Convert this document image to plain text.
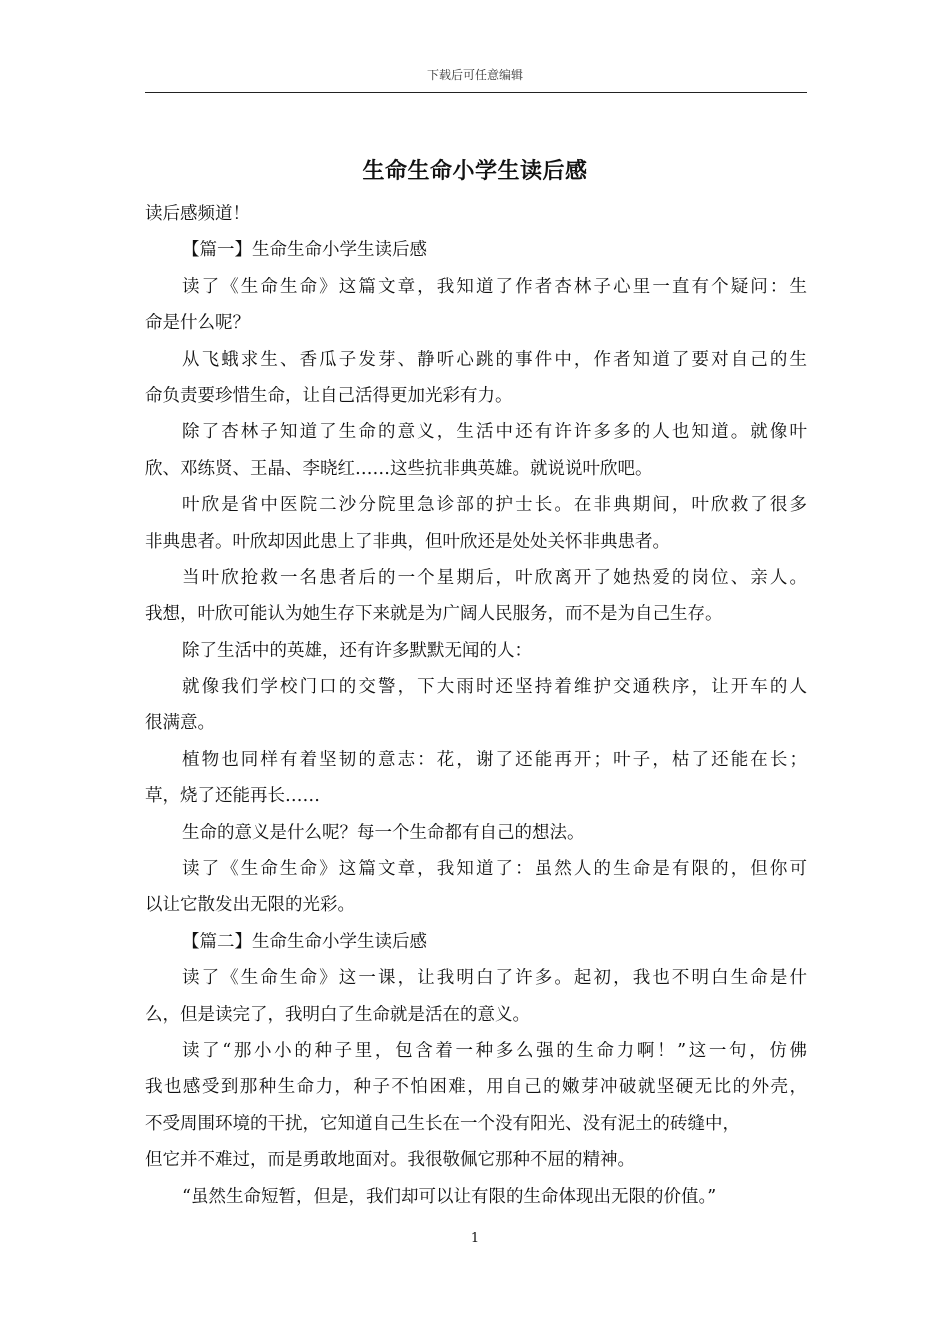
下载后可任意编辑
生命生命小学生读后感
读后感频道！
【篇一】生命生命小学生读后感
读了《生命生命》这篇文章，我知道了作者杏林子心里一直有个疑问：生
命是什么呢？
从飞蛾求生、香瓜子发芽、静听心跳的事件中，作者知道了要对自己的生
命负责要珍惜生命，让自己活得更加光彩有力。
除了杏林子知道了生命的意义，生活中还有许许多多的人也知道。就像叶
欣、邓练贤、王晶、李晓红……这些抗非典英雄。就说说叶欣吧。
叶欣是省中医院二沙分院里急诊部的护士长。在非典期间，叶欣救了很多
非典患者。叶欣却因此患上了非典，但叶欣还是处处关怀非典患者。
当叶欣抢救一名患者后的一个星期后，叶欣离开了她热爱的岗位、亲人。
我想，叶欣可能认为她生存下来就是为广阔人民服务，而不是为自己生存。
除了生活中的英雄，还有许多默默无闻的人：
就像我们学校门口的交警，下大雨时还坚持着维护交通秩序，让开车的人
很满意。
植物也同样有着坚韧的意志：花，谢了还能再开；叶子，枯了还能在长；
草，烧了还能再长……
生命的意义是什么呢？每一个生命都有自己的想法。
读了《生命生命》这篇文章，我知道了：虽然人的生命是有限的，但你可
以让它散发出无限的光彩。
【篇二】生命生命小学生读后感
读了《生命生命》这一课，让我明白了许多。起初，我也不明白生命是什
么，但是读完了，我明白了生命就是活在的意义。
读了“那小小的种子里，包含着一种多么强的生命力啊！”这一句，仿佛
我也感受到那种生命力，种子不怕困难，用自己的嫩芽冲破就坚硬无比的外壳，
不受周围环境的干扰，它知道自己生长在一个没有阳光、没有泥土的砖缝中，
但它并不难过，而是勇敢地面对。我很敬佩它那种不屈的精神。
“虽然生命短暂，但是，我们却可以让有限的生命体现出无限的价值。”
1
